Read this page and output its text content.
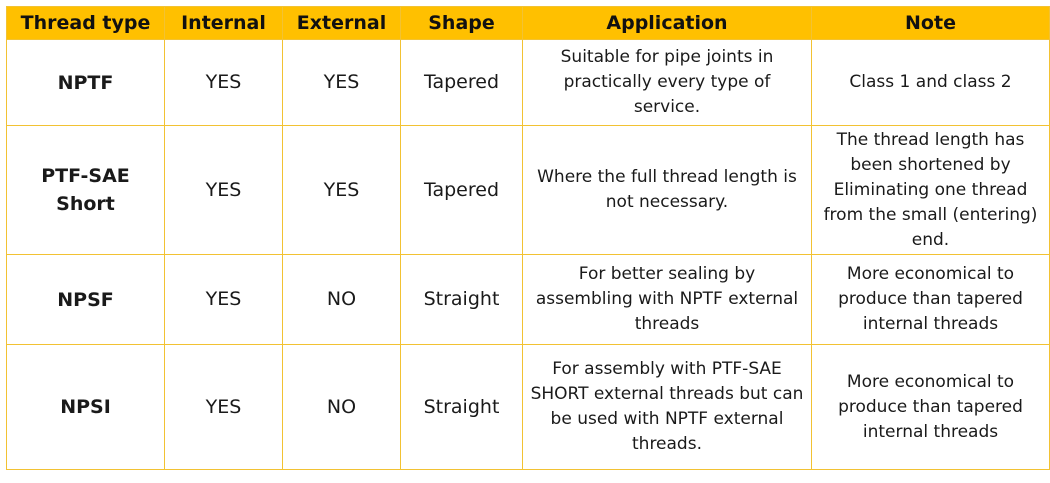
Thread type	Internal	External	Shape	Application	Note
NPTF	YES	YES	Tapered	Suitable for pipe joints in practically every type of service.	Class 1 and class 2
PTF-SAE Short	YES	YES	Tapered	Where the full thread length is not necessary.	The thread length has been shortened by Eliminating one thread from the small (entering) end.
NPSF	YES	NO	Straight	For better sealing by assembling with NPTF external threads	More economical to produce than tapered internal threads
NPSI	YES	NO	Straight	For assembly with PTF-SAE SHORT external threads but can be used with NPTF external threads.	More economical to produce than tapered internal threads
